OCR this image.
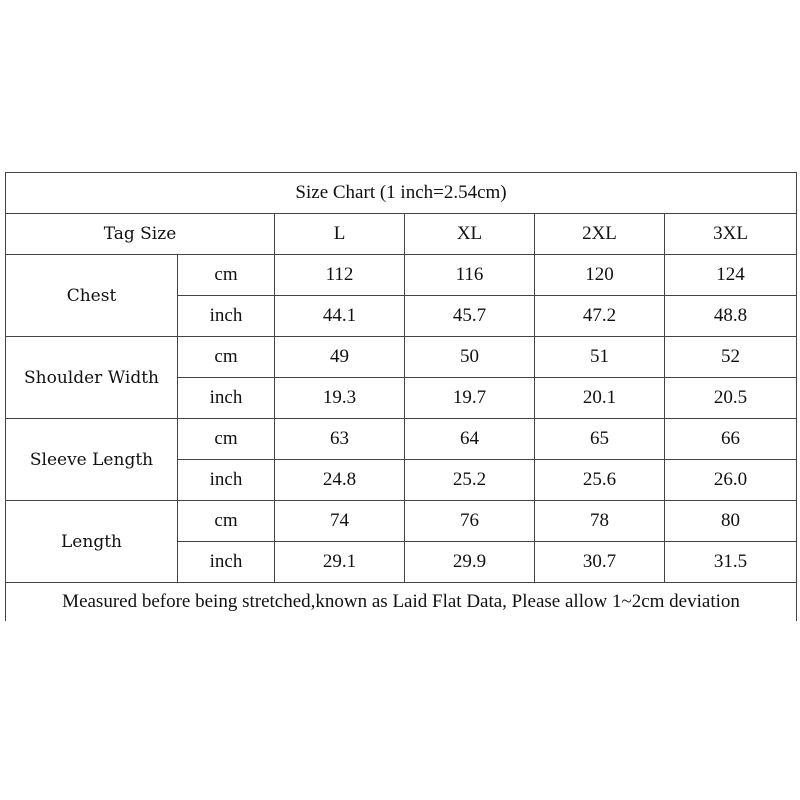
Size Chart (1 inch=2.54cm)					
Tag Size		L	XL	2XL	3XL
Chest	cm	112	116	120	124
	inch	44.1	45.7	47.2	48.8
Shoulder Width	cm	49	50	51	52
	inch	19.3	19.7	20.1	20.5
Sleeve Length	cm	63	64	65	66
	inch	24.8	25.2	25.6	26.0
Length	cm	74	76	78	80
	inch	29.1	29.9	30.7	31.5
Measured before being stretched,known as Laid Flat Data, Please allow 1~2cm deviation					
